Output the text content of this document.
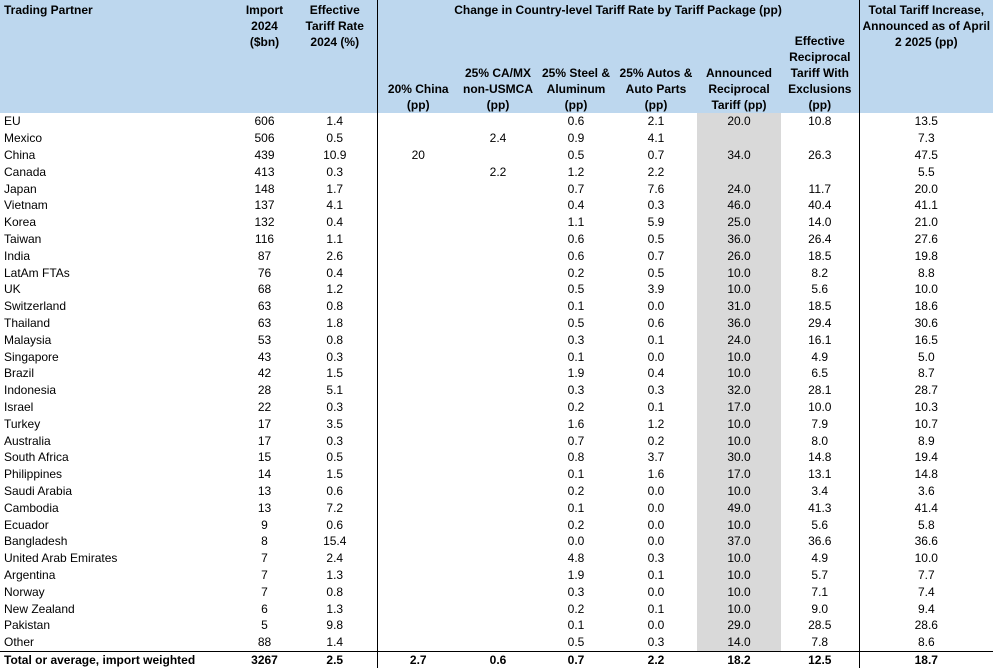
Trading Partner	Import 2024 ($bn)	Effective Tariff Rate 2024 (%)	Change in Country-level Tariff Rate by Tariff Package (pp)						Total Tariff Increase, Announced as of April 2 2025 (pp)
			20% China (pp)	25% CA/MX non-USMCA (pp)	25% Steel & Aluminum (pp)	25% Autos & Auto Parts (pp)	Announced Reciprocal Tariff (pp)	Effective Reciprocal Tariff With Exclusions (pp)	
EU	606	1.4			0.6	2.1	20.0	10.8	13.5
Mexico	506	0.5		2.4	0.9	4.1			7.3
China	439	10.9	20		0.5	0.7	34.0	26.3	47.5
Canada	413	0.3		2.2	1.2	2.2			5.5
Japan	148	1.7			0.7	7.6	24.0	11.7	20.0
Vietnam	137	4.1			0.4	0.3	46.0	40.4	41.1
Korea	132	0.4			1.1	5.9	25.0	14.0	21.0
Taiwan	116	1.1			0.6	0.5	36.0	26.4	27.6
India	87	2.6			0.6	0.7	26.0	18.5	19.8
LatAm FTAs	76	0.4			0.2	0.5	10.0	8.2	8.8
UK	68	1.2			0.5	3.9	10.0	5.6	10.0
Switzerland	63	0.8			0.1	0.0	31.0	18.5	18.6
Thailand	63	1.8			0.5	0.6	36.0	29.4	30.6
Malaysia	53	0.8			0.3	0.1	24.0	16.1	16.5
Singapore	43	0.3			0.1	0.0	10.0	4.9	5.0
Brazil	42	1.5			1.9	0.4	10.0	6.5	8.7
Indonesia	28	5.1			0.3	0.3	32.0	28.1	28.7
Israel	22	0.3			0.2	0.1	17.0	10.0	10.3
Turkey	17	3.5			1.6	1.2	10.0	7.9	10.7
Australia	17	0.3			0.7	0.2	10.0	8.0	8.9
South Africa	15	0.5			0.8	3.7	30.0	14.8	19.4
Philippines	14	1.5			0.1	1.6	17.0	13.1	14.8
Saudi Arabia	13	0.6			0.2	0.0	10.0	3.4	3.6
Cambodia	13	7.2			0.1	0.0	49.0	41.3	41.4
Ecuador	9	0.6			0.2	0.0	10.0	5.6	5.8
Bangladesh	8	15.4			0.0	0.0	37.0	36.6	36.6
United Arab Emirates	7	2.4			4.8	0.3	10.0	4.9	10.0
Argentina	7	1.3			1.9	0.1	10.0	5.7	7.7
Norway	7	0.8			0.3	0.0	10.0	7.1	7.4
New Zealand	6	1.3			0.2	0.1	10.0	9.0	9.4
Pakistan	5	9.8			0.1	0.0	29.0	28.5	28.6
Other	88	1.4			0.5	0.3	14.0	7.8	8.6
Total or average, import weighted	3267	2.5	2.7	0.6	0.7	2.2	18.2	12.5	18.7
